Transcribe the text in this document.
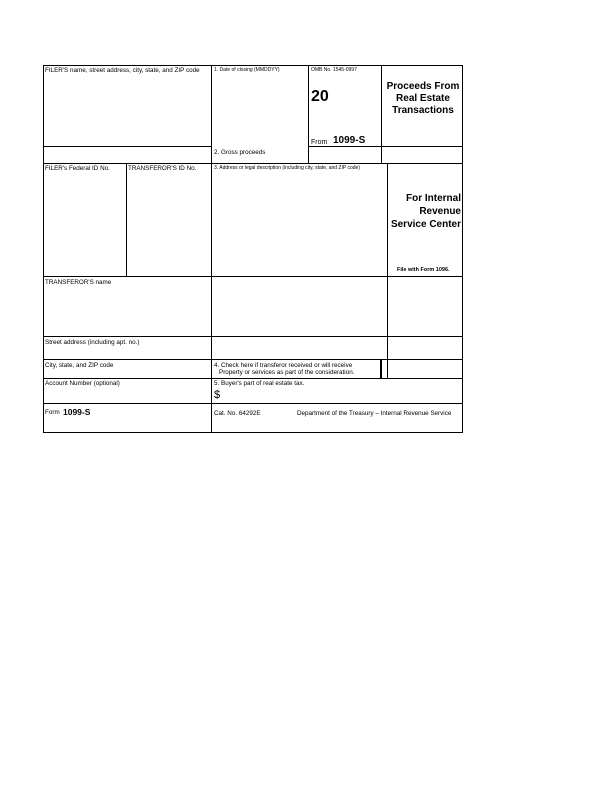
FILER'S name, street address, city, state, and ZIP code	1. Date of closing (MMDDYY)	OMB No. 1545-0997
20
From 1099-S
Proceeds From Real Estate Transactions
2. Gross proceeds
FILER's Federal ID No.	TRANSFEROR'S ID No.	3. Address or legal description (including city, state, and ZIP code)
For Internal Revenue Service Center
File with Form 1096.
TRANSFEROR'S name
Street address (including apt. no.)
City, state, and ZIP code	4. Check here if transferor received or will receive
Property or services as part of the consideration.
Account Number (optional)	5. Buyer's part of real estate tax.
$
Form 1099-S	Cat. No. 64292E	Department of the Treasury – Internal Revenue Service
